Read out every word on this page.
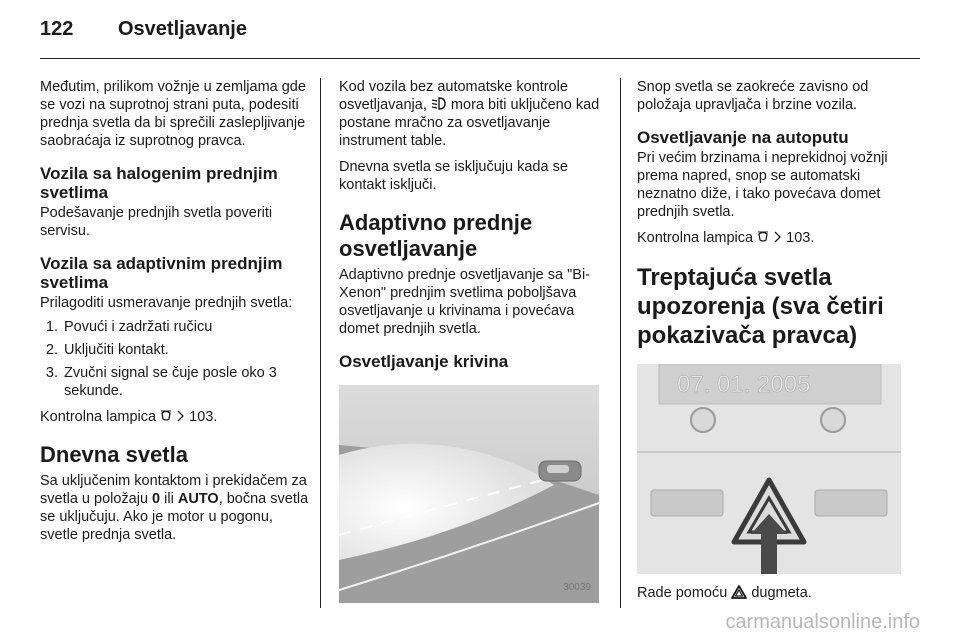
122	Osvetljavanje

Međutim, prilikom vožnje u zemljama gde se vozi na suprotnoj strani puta, podesiti prednja svetla da bi sprečili zaslepljivanje saobraćaja iz suprotnog pravca.

Vozila sa halogenim prednjim svetlima

Podešavanje prednjih svetla poveriti servisu.

Vozila sa adaptivnim prednjim svetlima

Prilagoditi usmeravanje prednjih svetla:

1. Povući i zadržati ručicu
2. Uključiti kontakt.
3. Zvučni signal se čuje posle oko 3 sekunde.

Kontrolna lampica 103.

Dnevna svetla

Sa uključenim kontaktom i prekidačem za svetla u položaju 0 ili AUTO, bočna svetla se uključuju. Ako je motor u pogonu, svetle prednja svetla.

Kod vozila bez automatske kontrole osvetljavanja, mora biti uključeno kad postane mračno za osvetljavanje instrument table.

Dnevna svetla se isključuju kada se kontakt isključi.

Adaptivno prednje osvetljavanje

Adaptivno prednje osvetljavanje sa "Bi-Xenon" prednjim svetlima poboljšava osvetljavanje u krivinama i povećava domet prednjih svetla.

Osvetljavanje krivina
30039

Snop svetla se zaokreće zavisno od položaja upravljača i brzine vozila.

Osvetljavanje na autoputu

Pri većim brzinama i neprekidnoj vožnji prema napred, snop se automatski neznatno diže, i tako povećava domet prednjih svetla.

Kontrolna lampica 103.

Treptajuća svetla upozorenja (sva četiri pokazivača pravca)
07. 01. 2005

Rade pomoću dugmeta.

carmanualsonline.info
